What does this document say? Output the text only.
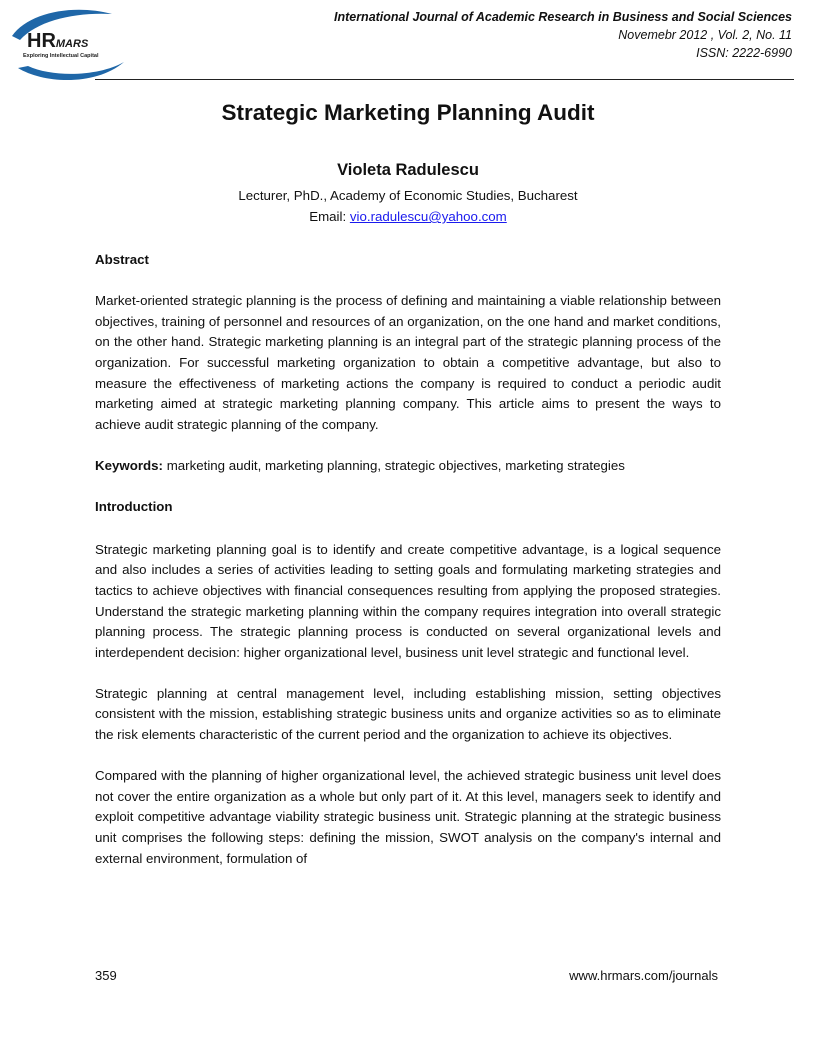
HRMARS
Exploring Intellectual Capital
International Journal of Academic Research in Business and Social Sciences
Novemebr 2012 , Vol. 2, No. 11
ISSN: 2222-6990
Strategic Marketing Planning Audit
Violeta Radulescu
Lecturer, PhD., Academy of Economic Studies, Bucharest
Email: vio.radulescu@yahoo.com

Abstract

Market-oriented strategic planning is the process of defining and maintaining a viable relationship between objectives, training of personnel and resources of an organization, on the one hand and market conditions, on the other hand. Strategic marketing planning is an integral part of the strategic planning process of the organization. For successful marketing organization to obtain a competitive advantage, but also to measure the effectiveness of marketing actions the company is required to conduct a periodic audit marketing aimed at strategic marketing planning company. This article aims to present the ways to achieve audit strategic planning of the company.

Keywords: marketing audit, marketing planning, strategic objectives, marketing strategies

Introduction

Strategic marketing planning goal is to identify and create competitive advantage, is a logical sequence and also includes a series of activities leading to setting goals and formulating marketing strategies and tactics to achieve objectives with financial consequences resulting from applying the proposed strategies. Understand the strategic marketing planning within the company requires integration into overall strategic planning process. The strategic planning process is conducted on several organizational levels and interdependent decision: higher organizational level, business unit level strategic and functional level.

Strategic planning at central management level, including establishing mission, setting objectives consistent with the mission, establishing strategic business units and organize activities so as to eliminate the risk elements characteristic of the current period and the organization to achieve its objectives.

Compared with the planning of higher organizational level, the achieved strategic business unit level does not cover the entire organization as a whole but only part of it. At this level, managers seek to identify and exploit competitive advantage viability strategic business unit. Strategic planning at the strategic business unit comprises the following steps: defining the mission, SWOT analysis on the company's internal and external environment, formulation of

359	www.hrmars.com/journals
